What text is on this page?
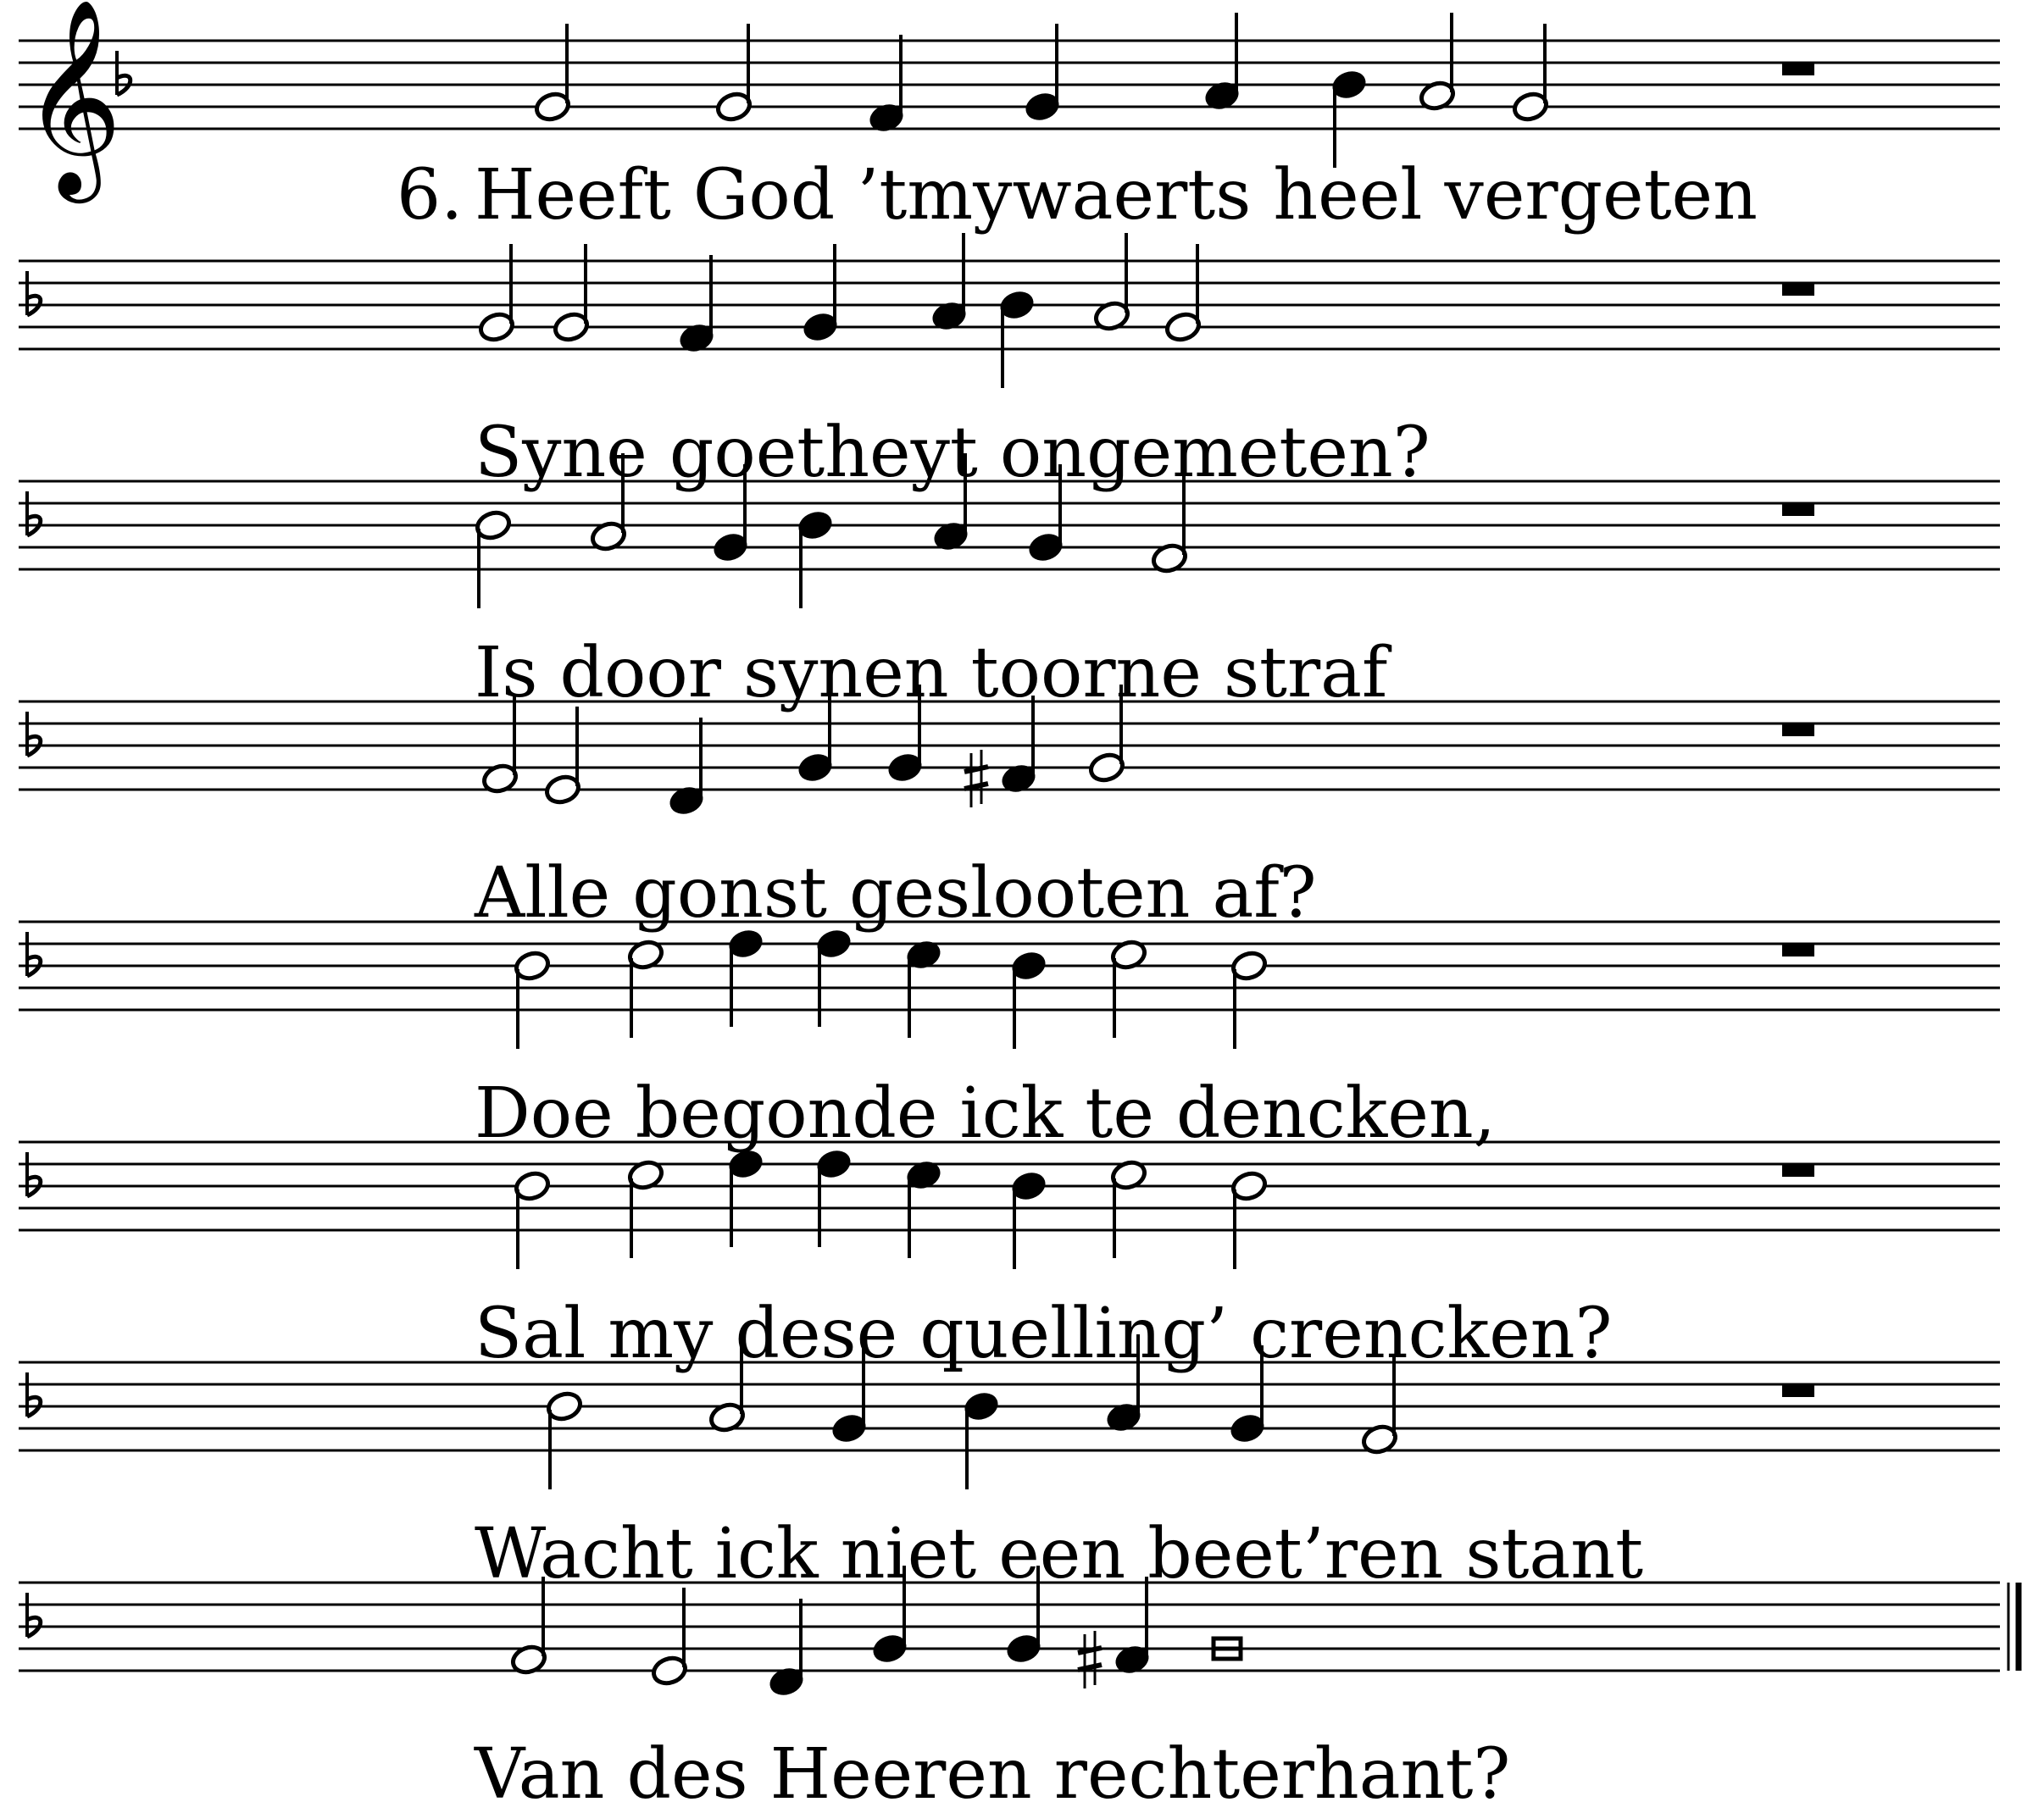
𝄞
Heeft God ’tmywaerts heel vergeten
Syne goetheyt ongemeten?
Is door synen toorne straf
Alle gonst geslooten af?
Doe begonde ick te dencken,
Sal my dese quelling’ crencken?
Wacht ick niet een beet’ren stant
Van des Heeren rechterhant?
6.
